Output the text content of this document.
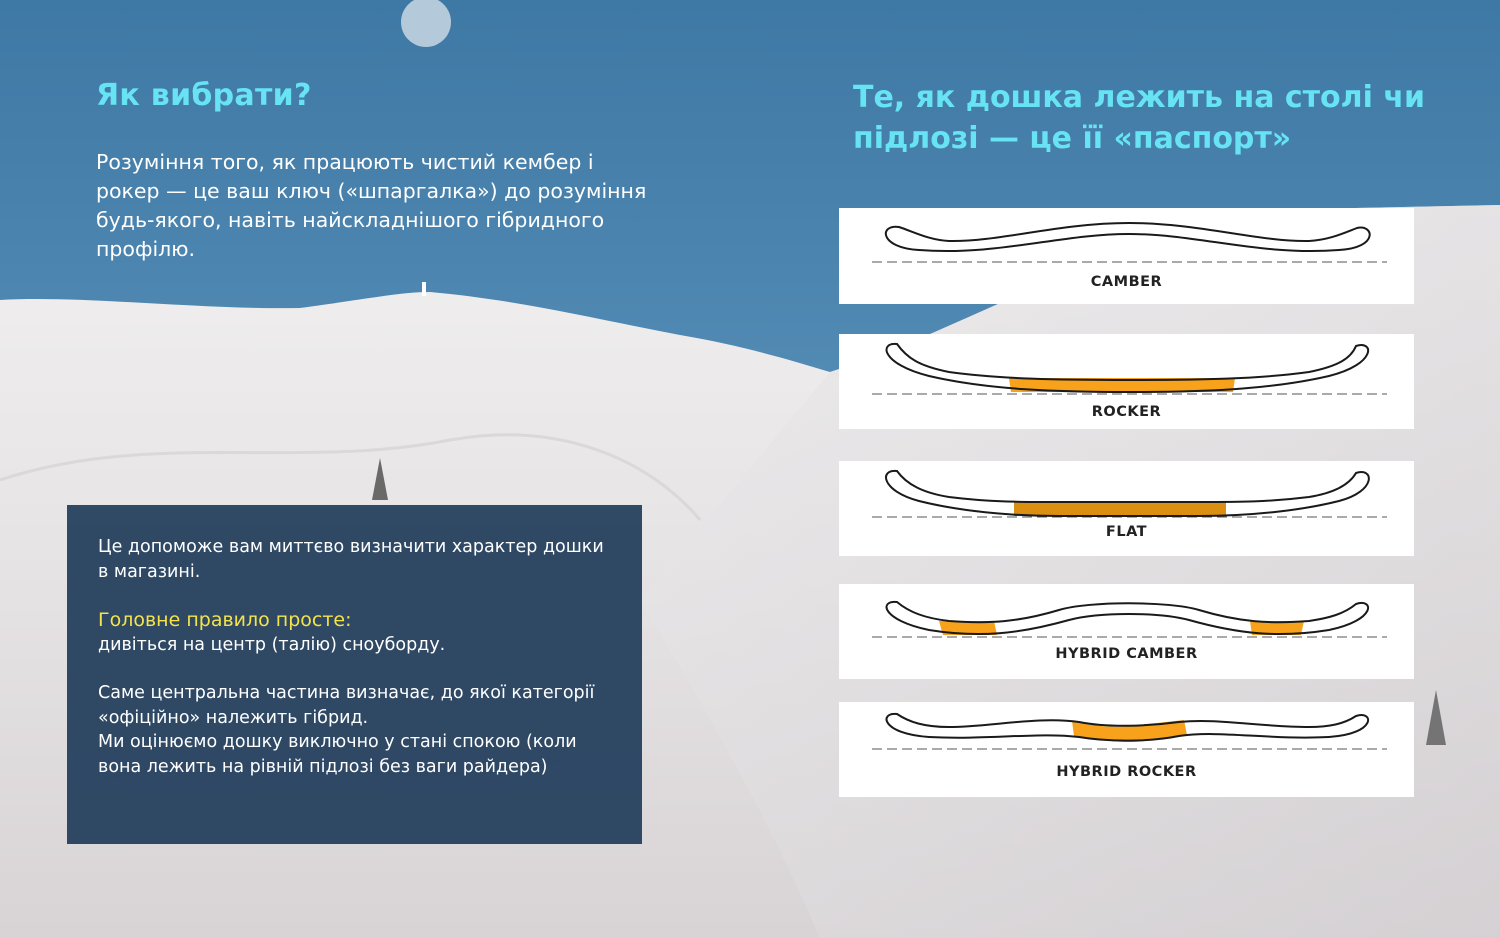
Як вибрати?

Розуміння того, як працюють чистий кембер і рокер — це ваш ключ («шпаргалка») до розуміння будь-якого, навіть найскладнішого гібридного профілю.

Те, як дошка лежить на столі чи підлозі — це її «паспорт»

Це допоможе вам миттєво визначити характер дошки в магазині.

Головне правило просте:

дивіться на центр (талію) сноуборду.

Саме центральна частина визначає, до якої категорії «офіційно» належить гібрид.

Ми оцінюємо дошку виключно у стані спокою (коли вона лежить на рівній підлозі без ваги райдера)

CAMBER
ROCKER
FLAT
HYBRID CAMBER
HYBRID ROCKER
